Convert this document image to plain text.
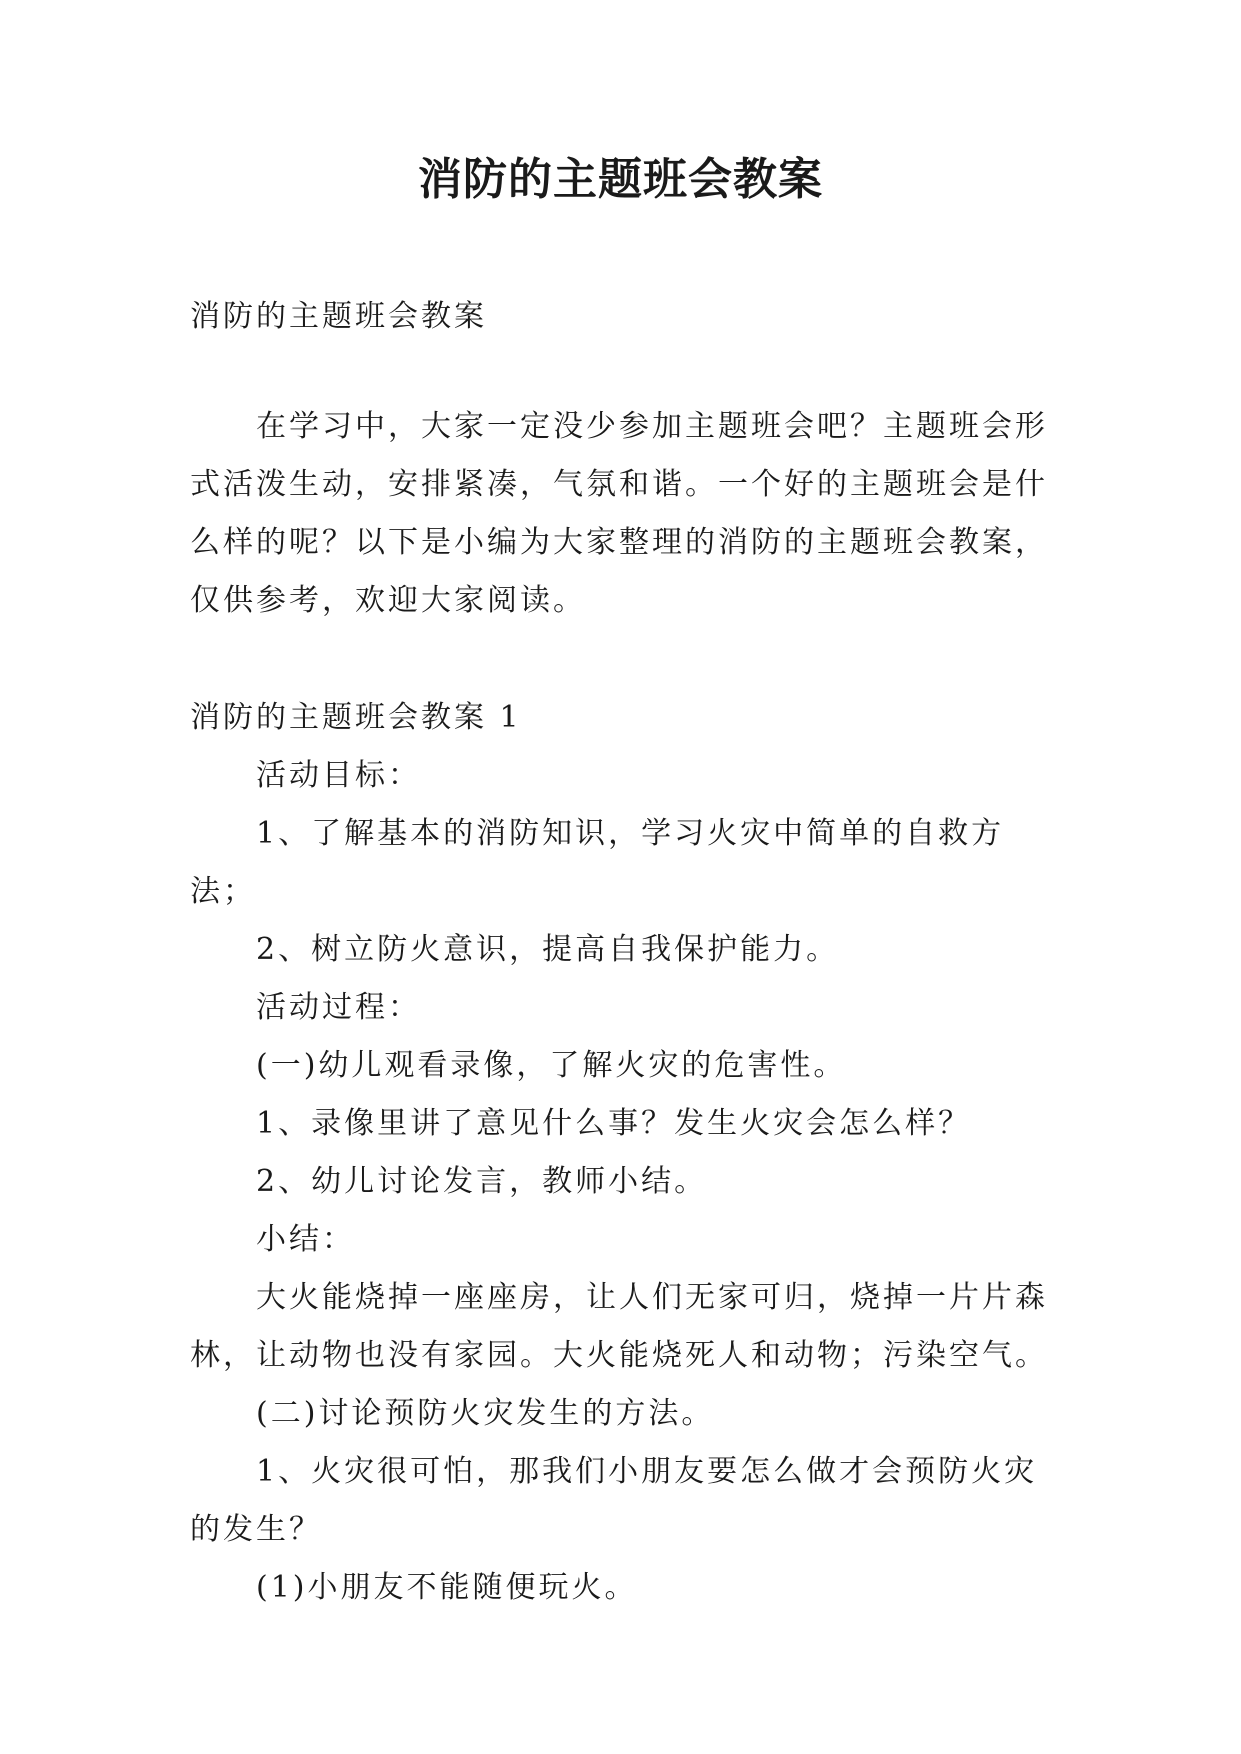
消防的主题班会教案
消防的主题班会教案
在学习中，大家一定没少参加主题班会吧？主题班会形式活泼生动，安排紧凑，气氛和谐。一个好的主题班会是什么样的呢？以下是小编为大家整理的消防的主题班会教案，仅供参考，欢迎大家阅读。

消防的主题班会教案 1

活动目标：

1、了解基本的消防知识，学习火灾中简单的自救方法；

2、树立防火意识，提高自我保护能力。

活动过程：

(一)幼儿观看录像，了解火灾的危害性。

1、录像里讲了意见什么事？发生火灾会怎么样？

2、幼儿讨论发言，教师小结。

小结：

大火能烧掉一座座房，让人们无家可归，烧掉一片片森林，让动物也没有家园。大火能烧死人和动物；污染空气。

(二)讨论预防火灾发生的方法。

1、火灾很可怕，那我们小朋友要怎么做才会预防火灾的发生？

(1)小朋友不能随便玩火。
